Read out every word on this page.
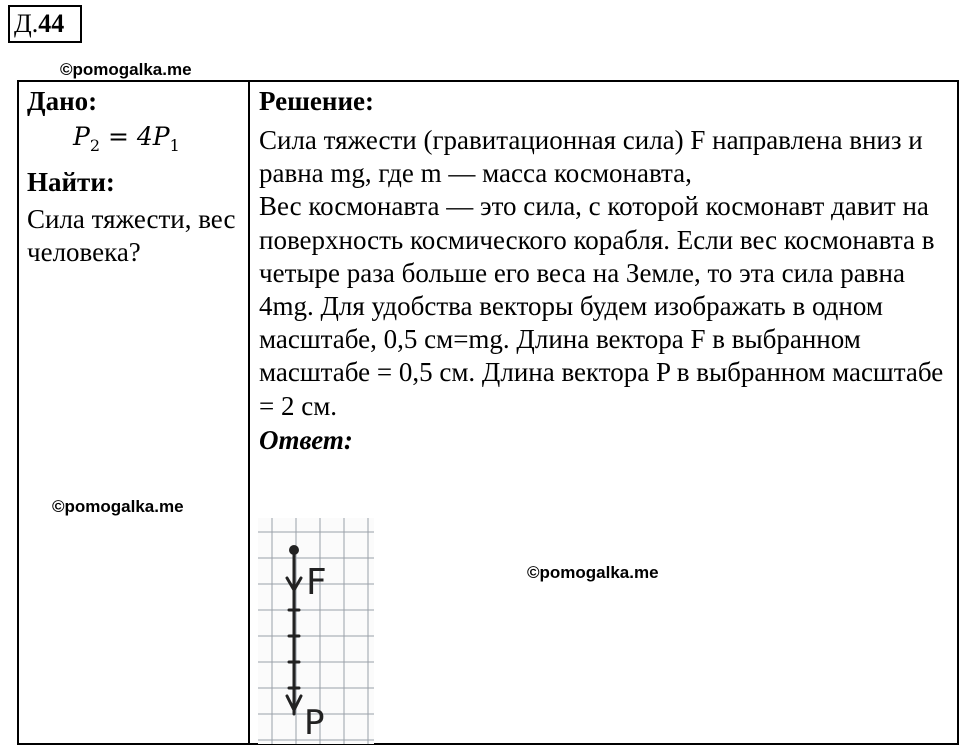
Д.44
©pomogalka.me
Дано:
$P_2 = 4P_1$
Найти:
Сила тяжести, вес человека?
©pomogalka.me
Решение:

Сила тяжести (гравитационная сила) F направлена вниз и равна mg, где m — масса космонавта,

Вес космонавта — это сила, с которой космонавт давит на поверхность космического корабля. Если вес космонавта в четыре раза больше его веса на Земле, то эта сила равна 4mg. Для удобства векторы будем изображать в одном масштабе, 0,5 см=mg. Длина вектора F в выбранном масштабе = 0,5 см. Длина вектора P в выбранном масштабе = 2 см.

Ответ:
©pomogalka.me
F
P
